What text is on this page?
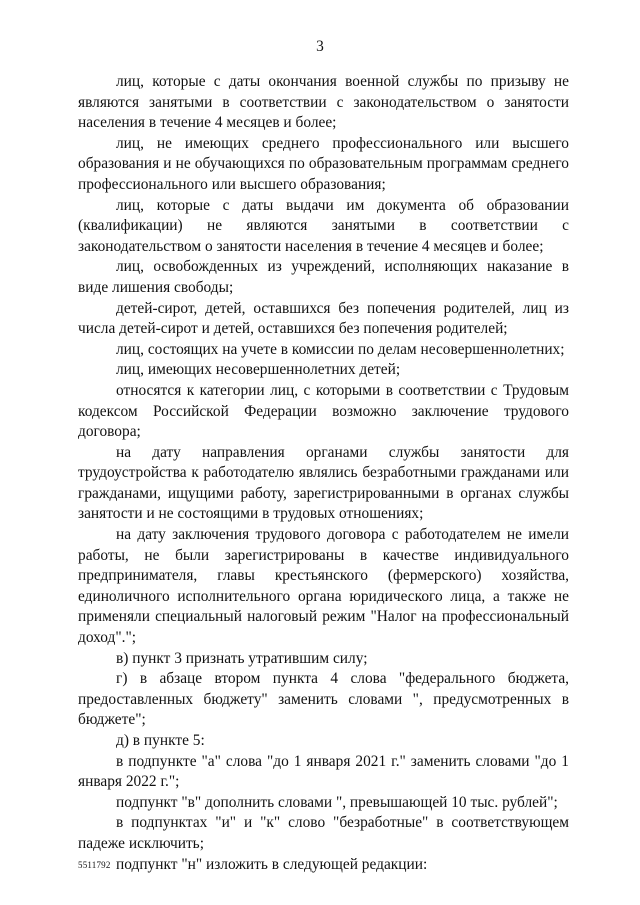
3

лиц, которые с даты окончания военной службы по призыву не являются занятыми в соответствии с законодательством о занятости населения в течение 4 месяцев и более;

лиц, не имеющих среднего профессионального или высшего образования и не обучающихся по образовательным программам среднего профессионального или высшего образования;

лиц, которые с даты выдачи им документа об образовании (квалификации) не являются занятыми в соответствии с законодательством о занятости населения в течение 4 месяцев и более;

лиц, освобожденных из учреждений, исполняющих наказание в виде лишения свободы;

детей-сирот, детей, оставшихся без попечения родителей, лиц из числа детей-сирот и детей, оставшихся без попечения родителей;

лиц, состоящих на учете в комиссии по делам несовершеннолетних;

лиц, имеющих несовершеннолетних детей;

относятся к категории лиц, с которыми в соответствии с Трудовым кодексом Российской Федерации возможно заключение трудового договора;

на дату направления органами службы занятости для трудоустройства к работодателю являлись безработными гражданами или гражданами, ищущими работу, зарегистрированными в органах службы занятости и не состоящими в трудовых отношениях;

на дату заключения трудового договора с работодателем не имели работы, не были зарегистрированы в качестве индивидуального предпринимателя, главы крестьянского (фермерского) хозяйства, единоличного исполнительного органа юридического лица, а также не применяли специальный налоговый режим "Налог на профессиональный доход".";

в) пункт 3 признать утратившим силу;

г) в абзаце втором пункта 4 слова "федерального бюджета, предоставленных бюджету" заменить словами ", предусмотренных в бюджете";

д) в пункте 5:

в подпункте "а" слова "до 1 января 2021 г." заменить словами "до 1 января 2022 г.";

подпункт "в" дополнить словами ", превышающей 10 тыс. рублей";

в подпунктах "и" и "к" слово "безработные" в соответствующем падеже исключить;

подпункт "н" изложить в следующей редакции:

5511792
